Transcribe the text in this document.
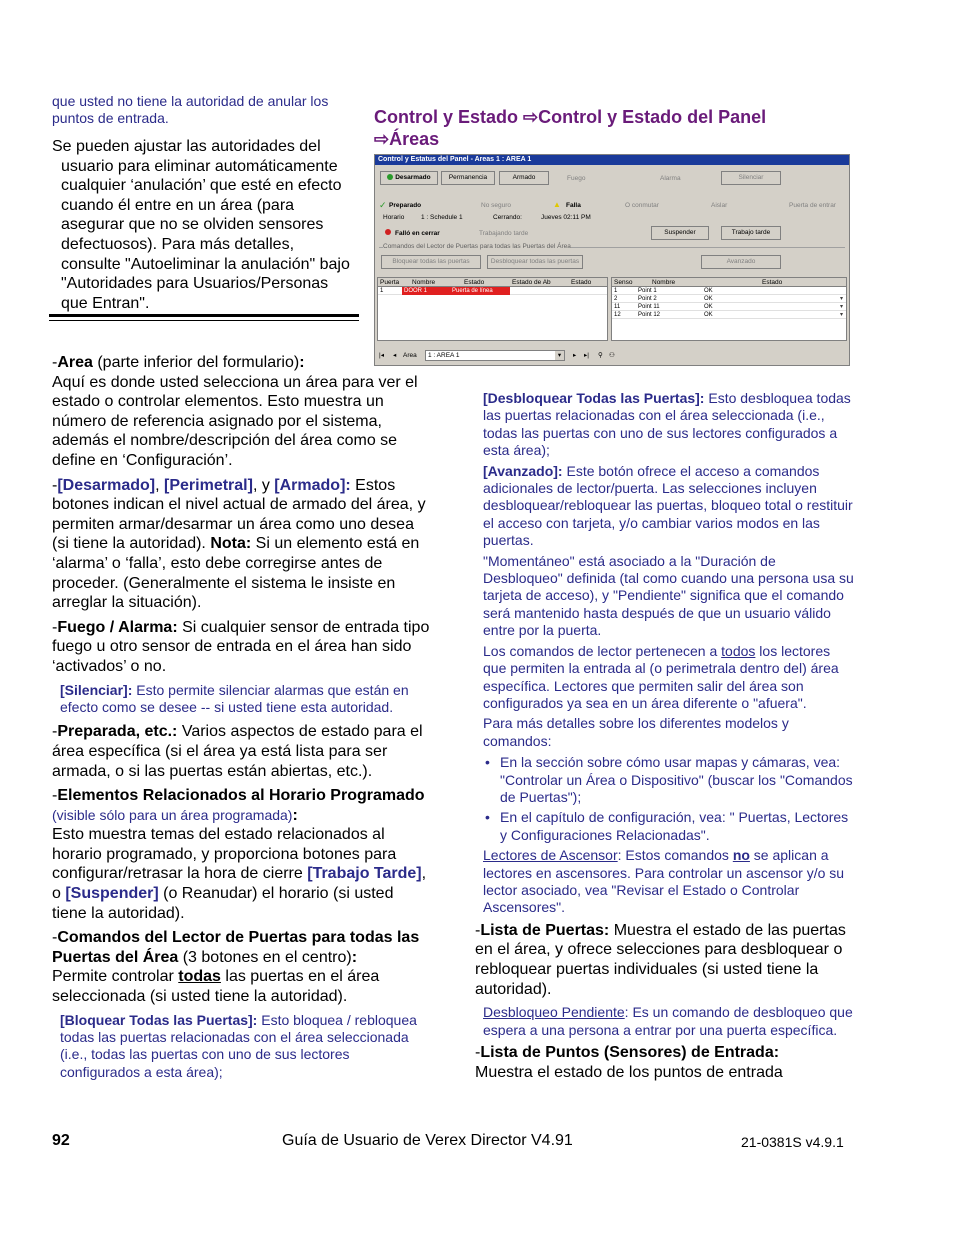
que usted no tiene la autoridad de anular los puntos de entrada.

Se pueden ajustar las autoridades del usuario para eliminar automáticamente cualquier ‘anulación’ que esté en efecto cuando él entre en un área (para asegurar que no se olviden sensores defectuosos). Para más detalles, consulte "Autoeliminar la anulación" bajo "Autoridades para Usuarios/Personas que Entran".

-Area (parte inferior del formulario):
Aquí es donde usted selecciona un área para ver el estado o controlar elementos. Esto muestra un número de referencia asignado por el sistema, además el nombre/descripción del área como se define en ‘Configuración’.

-[Desarmado], [Perimetral], y [Armado]: Estos botones indican el nivel actual de armado del área, y permiten armar/desarmar un área como uno desea (si tiene la autoridad). Nota: Si un elemento está en ‘alarma’ o ‘falla’, esto debe corregirse antes de proceder. (Generalmente el sistema le insiste en arreglar la situación).

-Fuego / Alarma: Si cualquier sensor de entrada tipo fuego u otro sensor de entrada en el área han sido ‘activados’ o no.

[Silenciar]: Esto permite silenciar alarmas que están en efecto como se desee -- si usted tiene esta autoridad.

-Preparada, etc.: Varios aspectos de estado para el área específica (si el área ya está lista para ser armada, o si las puertas están abiertas, etc.).

-Elementos Relacionados al Horario Programado (visible sólo para un área programada):
Esto muestra temas del estado relacionados al horario programado, y proporciona botones para configurar/retrasar la hora de cierre [Trabajo Tarde], o [Suspender] (o Reanudar) el horario (si usted tiene la autoridad).

-Comandos del Lector de Puertas para todas las Puertas del Área (3 botones en el centro):
Permite controlar todas las puertas en el área seleccionada (si usted tiene la autoridad).

[Bloquear Todas las Puertas]: Esto bloquea / rebloquea todas las puertas relacionadas con el área seleccionada (i.e., todas las puertas con uno de sus lectores configurados a esta área);
Control y Estado ⇨Control y Estado del Panel
⇨Áreas
Control y Estatus del Panel - Areas 1 : AREA 1
Desarmado	Permanencia	Armado	Fuego	Alarma	Silenciar
✓ Preparado	No seguro	▲ Falla	O conmutar	Aislar	Puerta de entrar
Horario	1 : Schedule 1	Cerrando:	Jueves 02:11 PM
Falló en cerrar	Trabajando tarde	Suspender	Trabajo tarde
Comandos del Lector de Puertas para todas las Puertas del Área
Bloquear todas las puertas	Desbloquear todas las puertas	Avanzado
Puerta Nombre	Estado	Estado de Ab	Estado
1	DOOR 1	Puerta de línea
Senso	Nombre	Estado
1	Point 1	OK
2	Point 2	OK	▾
11	Point 11	OK	▾
12	Point 12	OK	▾
|◂ ◂ Area	1 : AREA 1	▾	▸ ▸| ⚲ ⚇
[Desbloquear Todas las Puertas]: Esto desbloquea todas las puertas relacionadas con el área seleccionada (i.e., todas las puertas con uno de sus lectores configurados a esta área);
[Avanzado]: Este botón ofrece el acceso a comandos adicionales de lector/puerta. Las selecciones incluyen desbloquear/rebloquear las puertas, bloqueo total o restituir el acceso con tarjeta, y/o cambiar varios modos en las puertas.
"Momentáneo" está asociado a la "Duración de Desbloqueo" definida (tal como cuando una persona usa su tarjeta de acceso), y "Pendiente" significa que el comando será mantenido hasta después de que un usuario válido entre por la puerta.
Los comandos de lector pertenecen a todos los lectores que permiten la entrada al (o perimetrala dentro del) área específica. Lectores que permiten salir del área son configurados ya sea en un área diferente o "afuera".
Para más detalles sobre los diferentes modelos y comandos:
• En la sección sobre cómo usar mapas y cámaras, vea: "Controlar un Área o Dispositivo" (buscar los "Comandos de Puertas");
• En el capítulo de configuración, vea: " Puertas, Lectores y Configuraciones Relacionadas".
Lectores de Ascensor: Estos comandos no se aplican a lectores en ascensores. Para controlar un ascensor y/o su lector asociado, vea "Revisar el Estado o Controlar Ascensores".

-Lista de Puertas: Muestra el estado de las puertas en el área, y ofrece selecciones para desbloquear o rebloquear puertas individuales (si usted tiene la autoridad).

Desbloqueo Pendiente: Es un comando de desbloqueo que espera a una persona a entrar por una puerta específica.

-Lista de Puntos (Sensores) de Entrada:
Muestra el estado de los puntos de entrada

92	Guía de Usuario de Verex Director V4.91	21-0381S v4.9.1
